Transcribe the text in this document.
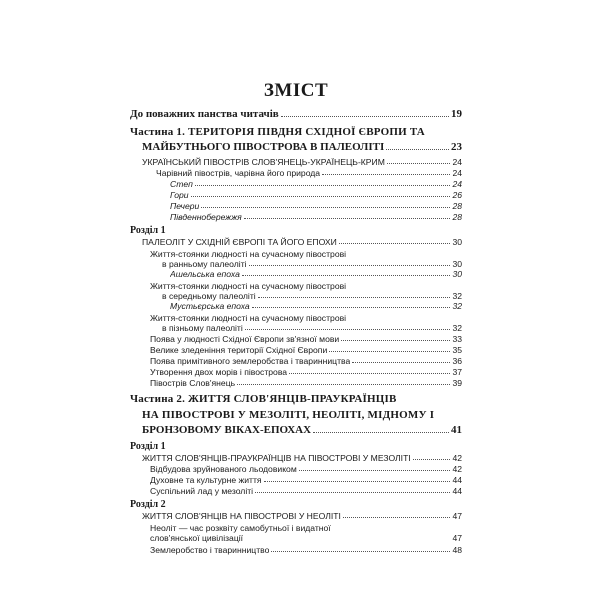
ЗМІСТ
До поважних панства читачів	19
Частина 1. ТЕРИТОРІЯ ПІВДНЯ СХІДНОЇ ЄВРОПИ ТА
МАЙБУТНЬОГО ПІВОСТРОВА В ПАЛЕОЛІТІ	23
УКРАЇНСЬКИЙ ПІВОСТРІВ СЛОВ'ЯНЕЦЬ-УКРАЇНЕЦЬ-КРИМ	24
Чарівний півострів, чарівна його природа	24
Степ	24
Гори	26
Печери	28
Південнобережжя	28
Розділ 1
ПАЛЕОЛІТ У СХІДНІЙ ЄВРОПІ ТА ЙОГО ЕПОХИ	30
Життя-стоянки людності на сучасному півострові
в ранньому палеоліті	30
Ашельська епоха	30
Життя-стоянки людності на сучасному півострові
в середньому палеоліті	32
Мустьєрська епоха	32
Життя-стоянки людності на сучасному півострові
в пізньому палеоліті	32
Поява у людності Східної Європи зв'язної мови	33
Велике зледеніння території Східної Європи	35
Поява примітивного землеробства і тваринництва	36
Утворення двох морів і півострова	37
Півострів Слов'янець	39
Частина 2. ЖИТТЯ СЛОВ'ЯНЦІВ-ПРАУКРАЇНЦІВ
НА ПІВОСТРОВІ У МЕЗОЛІТІ, НЕОЛІТІ, МІДНОМУ І
БРОНЗОВОМУ ВІКАХ-ЕПОХАХ	41
Розділ 1
ЖИТТЯ СЛОВ'ЯНЦІВ-ПРАУКРАЇНЦІВ НА ПІВОСТРОВІ У МЕЗОЛІТІ	42
Відбудова зруйнованого льодовиком	42
Духовне та культурне життя	44
Суспільний лад у мезоліті	44
Розділ 2
ЖИТТЯ СЛОВ'ЯНЦІВ НА ПІВОСТРОВІ У НЕОЛІТІ	47
Неоліт — час розквіту самобутньої і видатної
слов'янської цивілізації	47
Землеробство і тваринництво	48
